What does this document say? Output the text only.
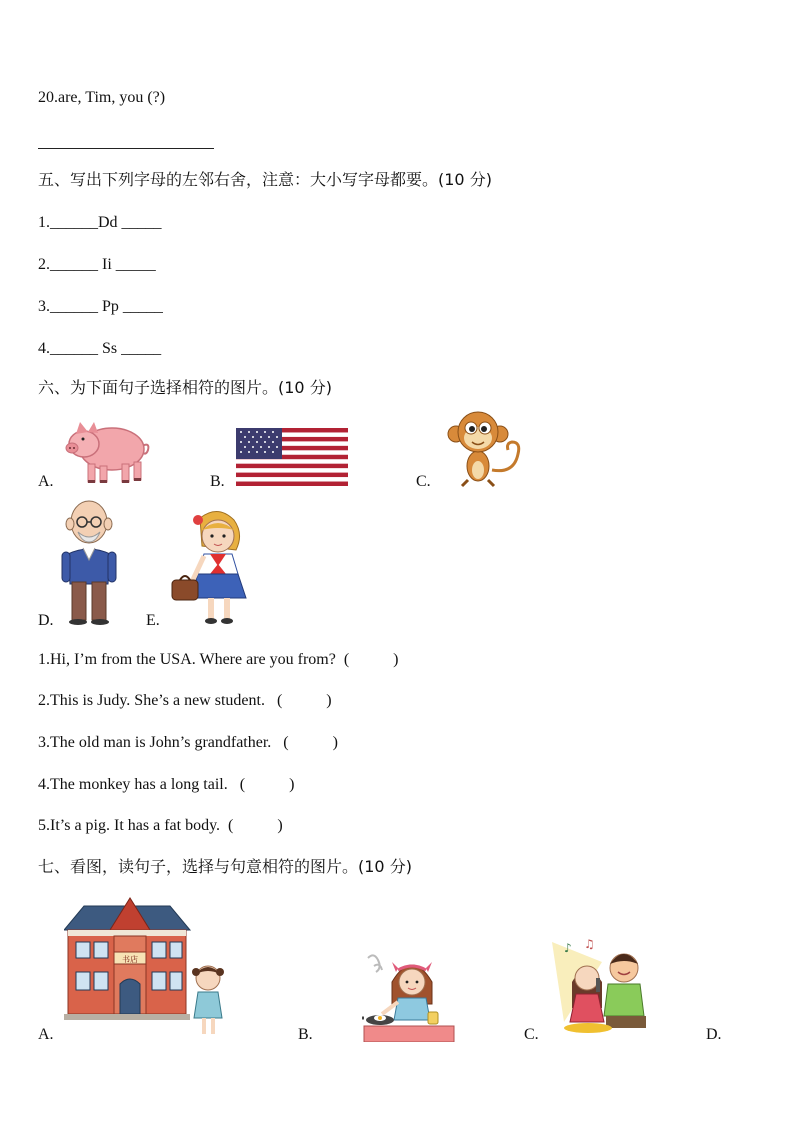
20.are, Tim, you (?)
五、写出下列字母的左邻右舍，注意：大小写字母都要。(10 分)
1.______Dd _____
2.______ Ii _____
3.______ Pp _____
4.______ Ss _____
六、为下面句子选择相符的图片。(10 分)
A.	B.	C.
D.	E.
1.Hi, I’m from the USA. Where are you from?  (           )
2.This is Judy. She’s a new student.   (           )
3.The old man is John’s grandfather.   (           )
4.The monkey has a long tail.   (           )
5.It’s a pig. It has a fat body.  (           )
七、看图，读句子，选择与句意相符的图片。(10 分)
书店
♪ ♫
A.	B.	C.	D.
